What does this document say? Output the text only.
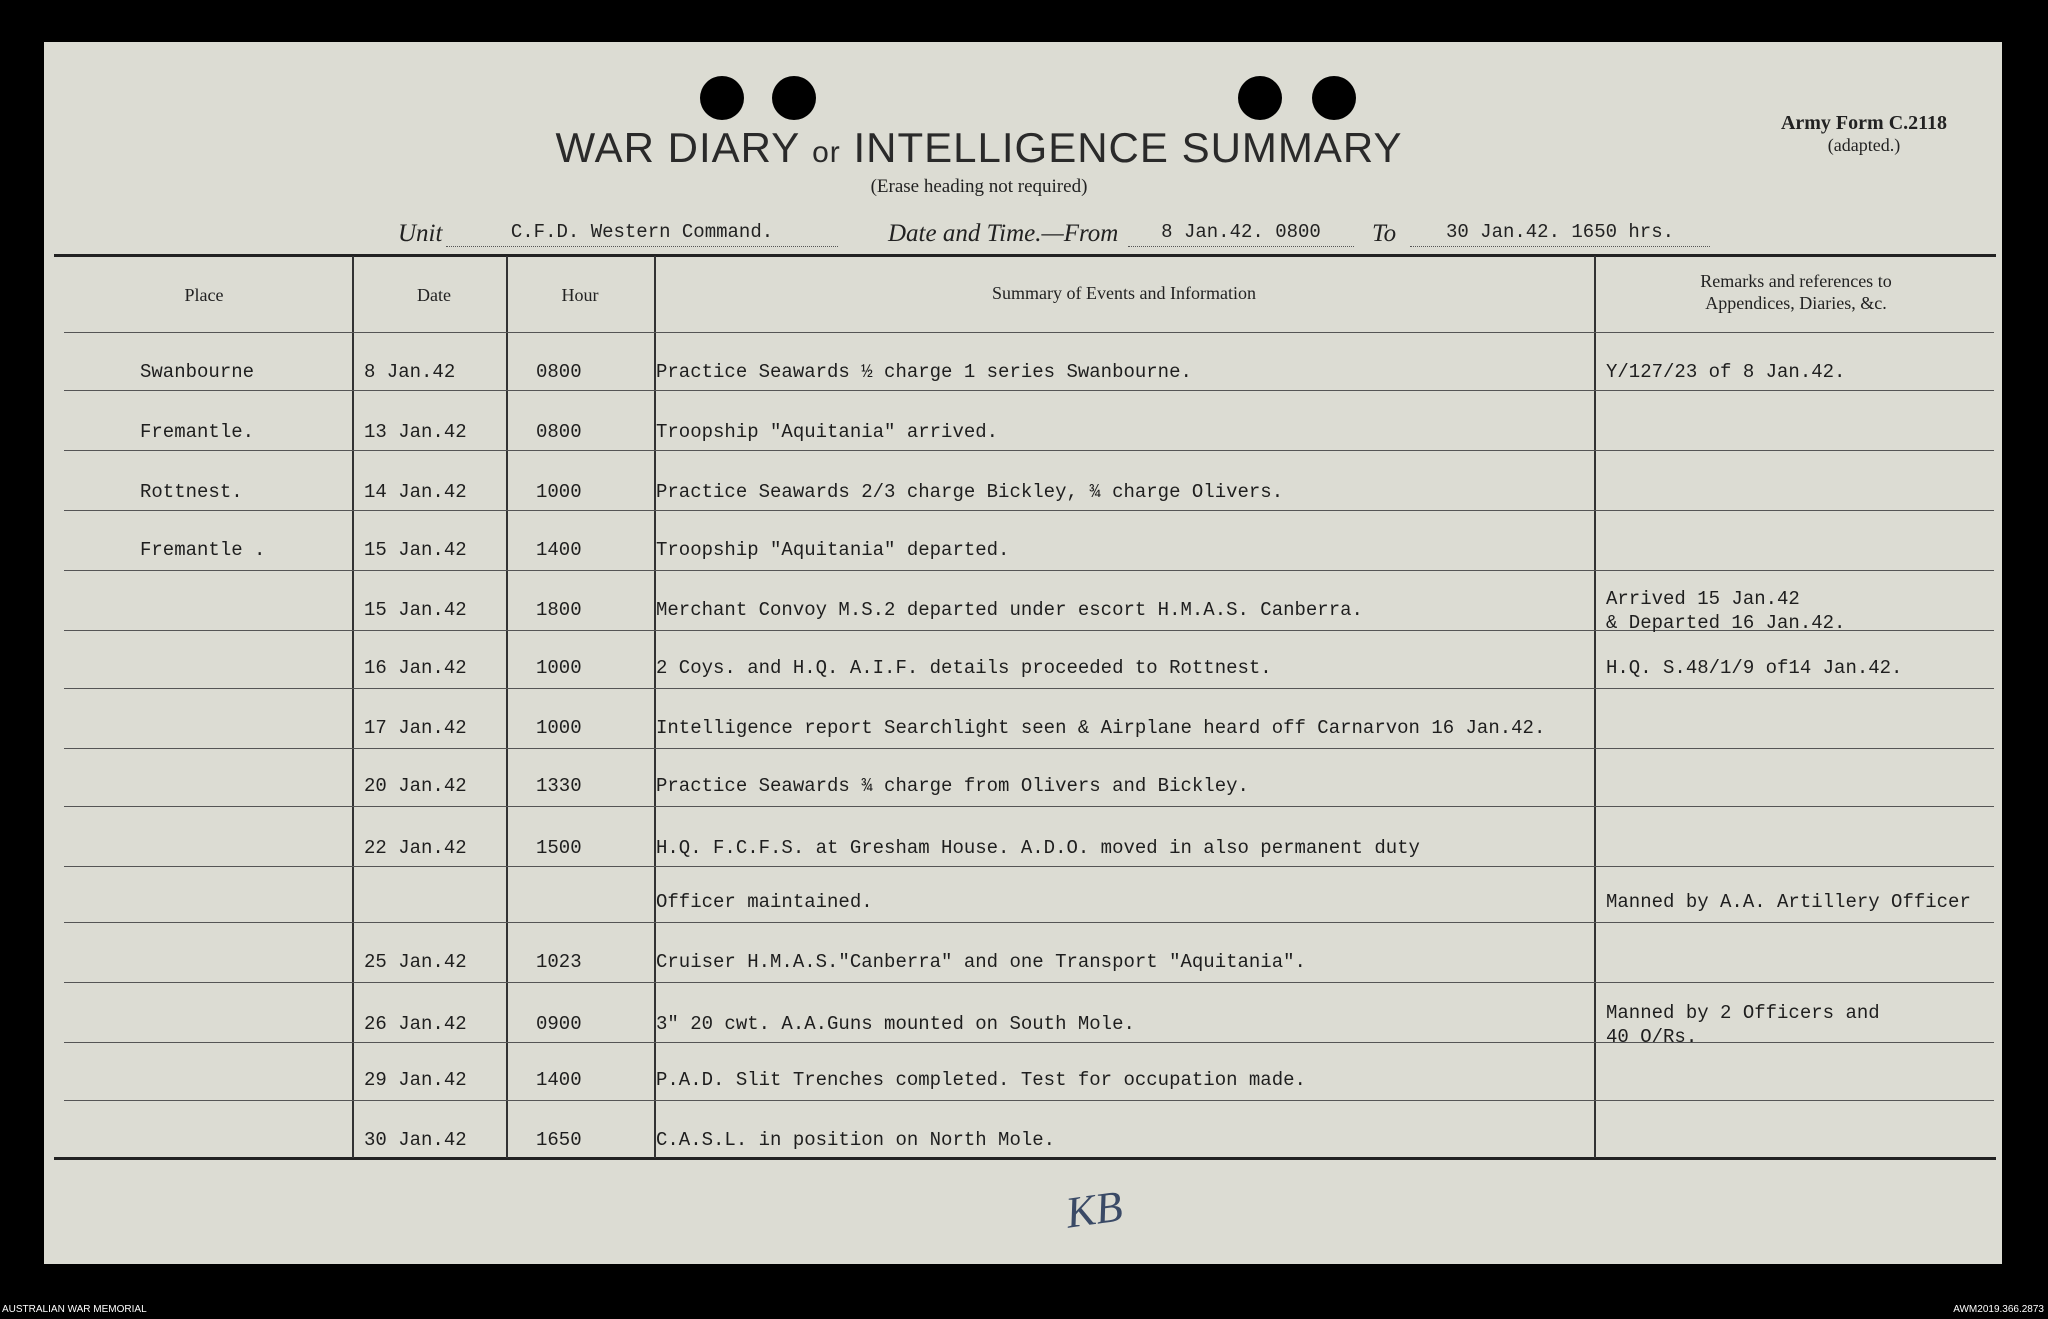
WAR DIARY or INTELLIGENCE SUMMARY
(Erase heading not required)
Army Form C.2118
(adapted.)
Unit	C.F.D. Western Command.	Date and Time.—From	8 Jan.42. 0800	To	30 Jan.42. 1650 hrs.
Place	Date	Hour	Summary of Events and Information
Remarks and references to
Appendices, Diaries, &c.
Swanbourne	8 Jan.42	0800	Practice Seawards ½ charge 1 series Swanbourne.	Y/127/23 of 8 Jan.42.
Fremantle.	13 Jan.42	0800	Troopship "Aquitania" arrived.
Rottnest.	14 Jan.42	1000	Practice Seawards 2/3 charge Bickley, ¾ charge Olivers.
Fremantle .	15 Jan.42	1400	Troopship "Aquitania" departed.
15 Jan.42	1800	Merchant Convoy M.S.2 departed under escort H.M.A.S. Canberra.	Arrived 15 Jan.42
& Departed 16 Jan.42.
16 Jan.42	1000	2 Coys. and H.Q. A.I.F. details proceeded to Rottnest.	H.Q. S.48/1/9 of14 Jan.42.
17 Jan.42	1000	Intelligence report Searchlight seen & Airplane heard off Carnarvon 16 Jan.42.
20 Jan.42	1330	Practice Seawards ¾ charge from Olivers and Bickley.
22 Jan.42	1500	H.Q. F.C.F.S. at Gresham House. A.D.O. moved in also permanent duty
Officer maintained.	Manned by A.A. Artillery Officer
25 Jan.42	1023	Cruiser H.M.A.S."Canberra" and one Transport "Aquitania".
26 Jan.42	0900	3" 20 cwt. A.A.Guns mounted on South Mole.	Manned by 2 Officers and
40 O/Rs.
29 Jan.42	1400	P.A.D. Slit Trenches completed. Test for occupation made.
30 Jan.42	1650	C.A.S.L. in position on North Mole.
KB
AUSTRALIAN WAR MEMORIAL	AWM2019.366.2873
